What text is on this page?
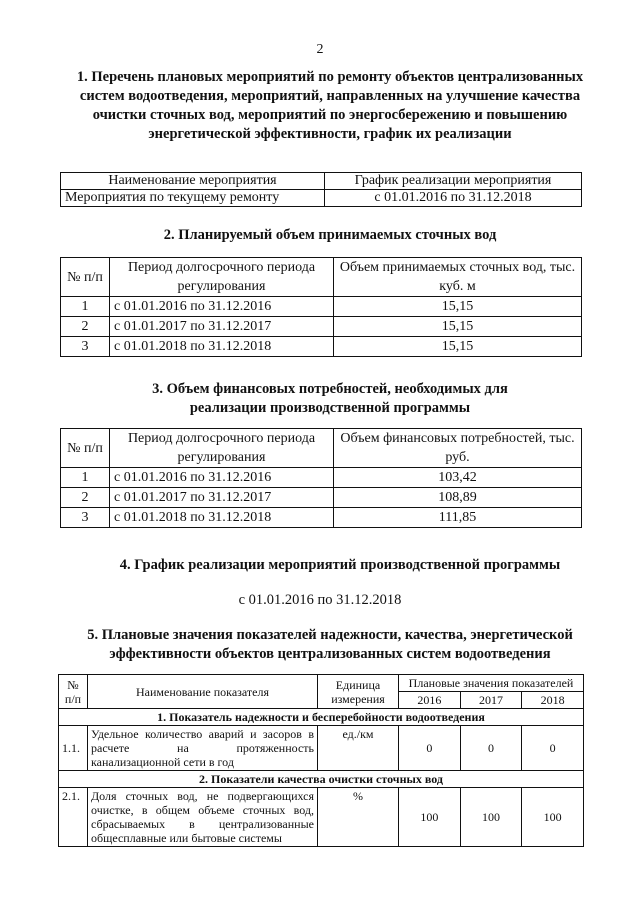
2
1. Перечень плановых мероприятий по ремонту объектов централизованных систем водоотведения, мероприятий, направленных на улучшение качества очистки сточных вод, мероприятий по энергосбережению и повышению энергетической эффективности, график их реализации
Наименование мероприятия	График реализации мероприятия
Мероприятия по текущему ремонту	с 01.01.2016 по 31.12.2018
2. Планируемый объем принимаемых сточных вод
№ п/п	Период долгосрочного периода регулирования	Объем принимаемых сточных вод, тыс. куб. м
1	с 01.01.2016 по 31.12.2016	15,15
2	с 01.01.2017 по 31.12.2017	15,15
3	с 01.01.2018 по 31.12.2018	15,15
3. Объем финансовых потребностей, необходимых для реализации производственной программы
№ п/п	Период долгосрочного периода регулирования	Объем финансовых потребностей, тыс. руб.
1	с 01.01.2016 по 31.12.2016	103,42
2	с 01.01.2017 по 31.12.2017	108,89
3	с 01.01.2018 по 31.12.2018	111,85
4. График реализации мероприятий производственной программы
с 01.01.2016 по 31.12.2018
5. Плановые значения показателей надежности, качества, энергетической эффективности объектов централизованных систем водоотведения
№ п/п	Наименование показателя	Единица измерения	Плановые значения показателей		
			2016	2017	2018
1. Показатель надежности и бесперебойности водоотведения					
1.1.	Удельное количество аварий и засоров в расчете на протяженность канализационной сети в год	ед./км	0	0	0
2. Показатели качества очистки сточных вод					
2.1.	Доля сточных вод, не подвергающихся очистке, в общем объеме сточных вод, сбрасываемых в централизованные общесплавные или бытовые системы	%	100	100	100
